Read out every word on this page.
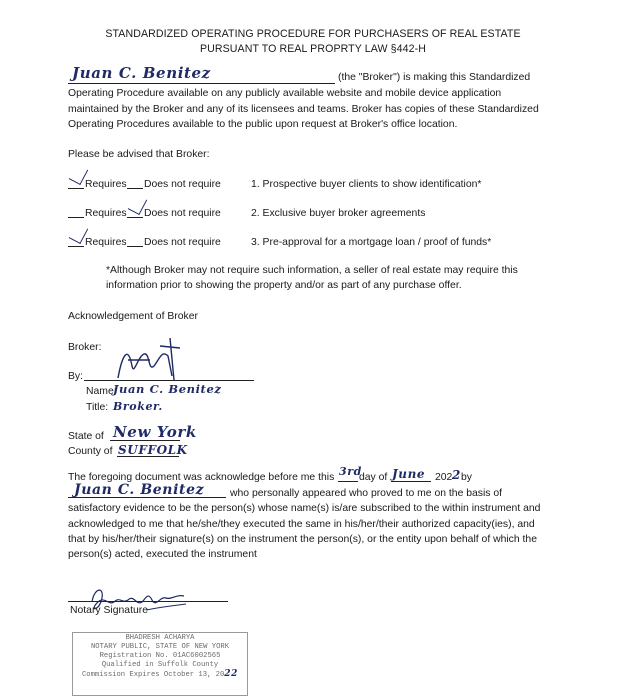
STANDARDIZED OPERATING PROCEDURE FOR PURCHASERS OF REAL ESTATE
PURSUANT TO REAL PROPRTY LAW §442-H
Juan C. Benitez	(the "Broker") is making this Standardized
Operating Procedure available on any publicly available website and mobile device application
maintained by the Broker and any of its licensees and teams. Broker has copies of these Standardized
Operating Procedures available to the public upon request at Broker's office location.
Please be advised that Broker:
Requires Does not require	1. Prospective buyer clients to show identification*
Requires Does not require	2. Exclusive buyer broker agreements
Requires Does not require	3. Pre-approval for a mortgage loan / proof of funds*
*Although Broker may not require such information, a seller of real estate may require this
information prior to showing the property and/or as part of any purchase offer.
Acknowledgement of Broker
Broker:
By:
Name:
Juan C. Benitez
Title: Broker.
State of New York
County of SUFFOLK
The foregoing document was acknowledge before me this 3rd
day of June 202 2 by
Juan C. Benitez who personally appeared who proved to me on the basis of
satisfactory evidence to be the person(s) whose name(s) is/are subscribed to the within instrument and
acknowledged to me that he/she/they executed the same in his/her/their authorized capacity(ies), and
that by his/her/their signature(s) on the instrument the person(s), or the entity upon behalf of which the
person(s) acted, executed the instrument
Notary Signature
BHADRESH ACHARYA
NOTARY PUBLIC, STATE OF NEW YORK
Registration No. 01AC6002565
Qualified in Suffolk County
Commission Expires October 13, 2022
